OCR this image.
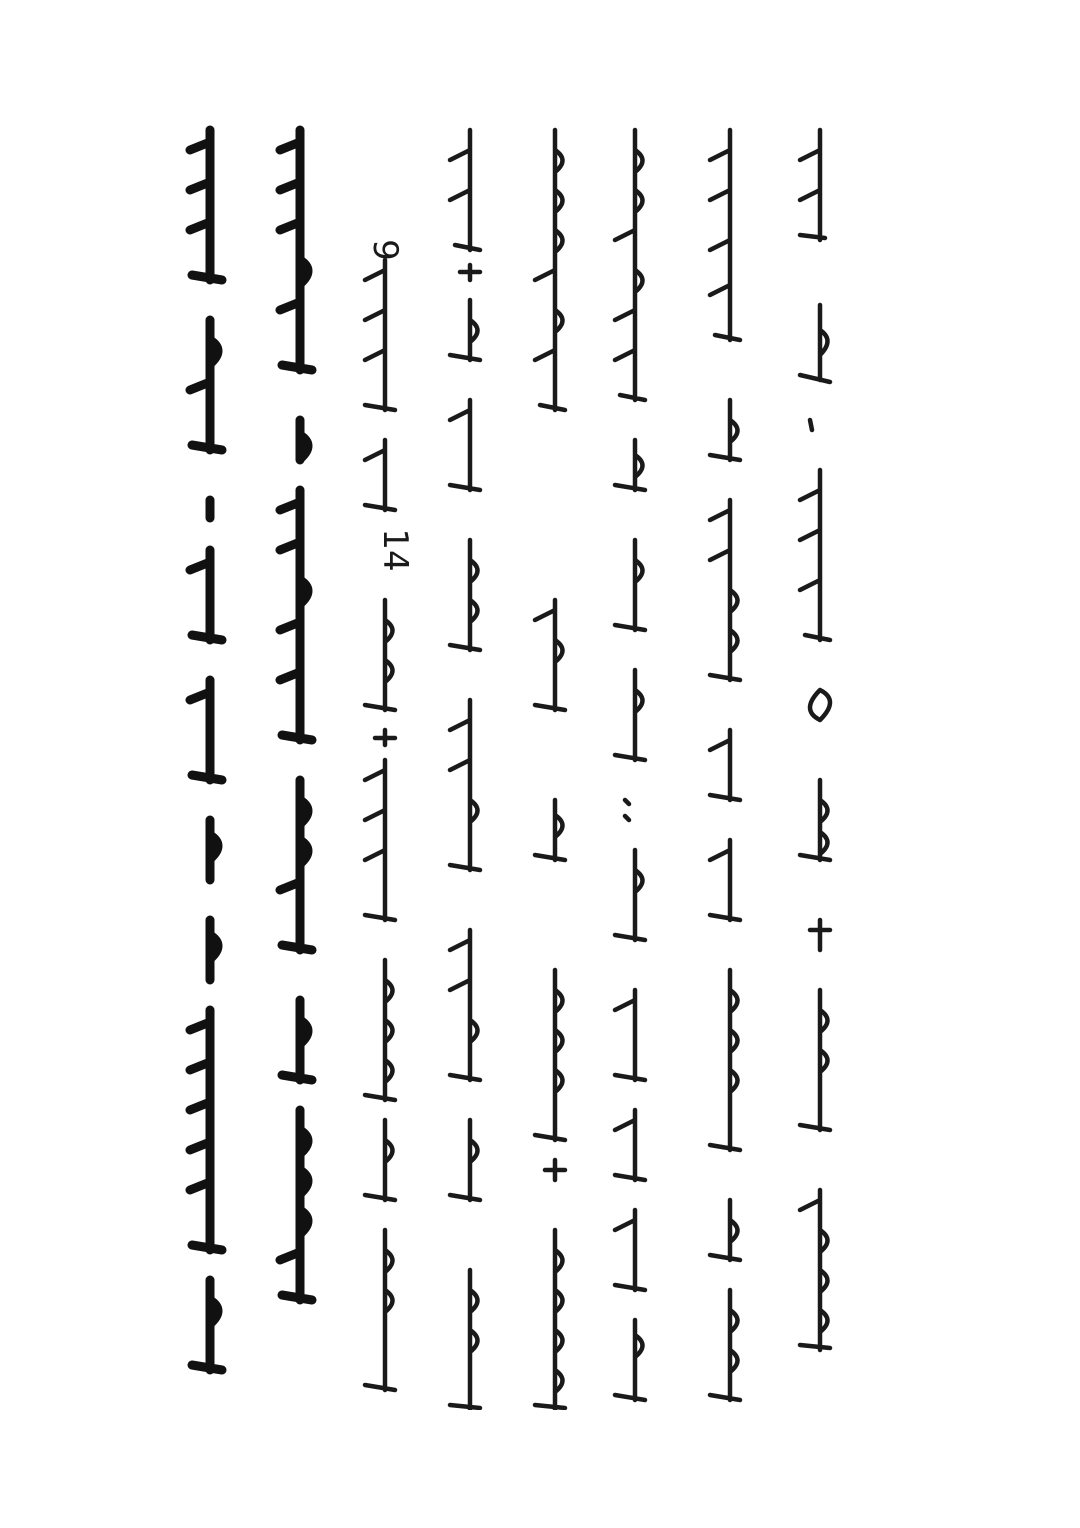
9
14
